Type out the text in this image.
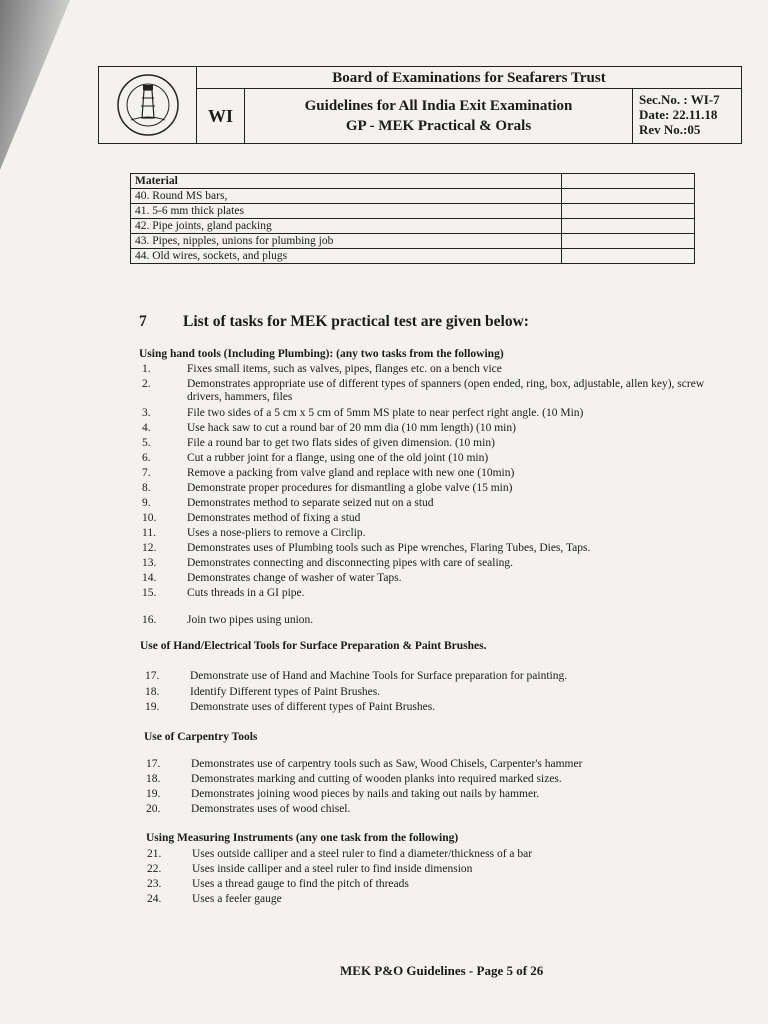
Board of Examinations for Seafarers Trust
WI	Guidelines for All India Exit Examination
GP - MEK Practical & Orals
Sec.No. : WI-7
Date: 22.11.18
Rev No.:05
Material	
40. Round MS bars,	
41. 5-6 mm thick plates	
42. Pipe joints, gland packing	
43. Pipes, nipples, unions for plumbing job	
44. Old wires, sockets, and plugs	
7 List of tasks for MEK practical test are given below:
Using hand tools (Including Plumbing): (any two tasks from the following)
1.	Fixes small items, such as valves, pipes, flanges etc. on a bench vice
2.	Demonstrates appropriate use of different types of spanners (open ended, ring, box, adjustable, allen key), screw drivers, hammers, files
3.	File two sides of a 5 cm x 5 cm of 5mm MS plate to near perfect right angle. (10 Min)
4.	Use hack saw to cut a round bar of 20 mm dia (10 mm length) (10 min)
5.	File a round bar to get two flats sides of given dimension. (10 min)
6.	Cut a rubber joint for a flange, using one of the old joint (10 min)
7.	Remove a packing from valve gland and replace with new one (10min)
8.	Demonstrate proper procedures for dismantling a globe valve (15 min)
9.	Demonstrates method to separate seized nut on a stud
10.	Demonstrates method of fixing a stud
11.	Uses a nose-pliers to remove a Circlip.
12.	Demonstrates uses of Plumbing tools such as Pipe wrenches, Flaring Tubes, Dies, Taps.
13.	Demonstrates connecting and disconnecting pipes with care of sealing.
14.	Demonstrates change of washer of water Taps.
15.	Cuts threads in a GI pipe.
16.	Join two pipes using union.
Use of Hand/Electrical Tools for Surface Preparation & Paint Brushes.
17.	Demonstrate use of Hand and Machine Tools for Surface preparation for painting.
18.	Identify Different types of Paint Brushes.
19.	Demonstrate uses of different types of Paint Brushes.
Use of Carpentry Tools
17.	Demonstrates use of carpentry tools such as Saw, Wood Chisels, Carpenter's hammer
18.	Demonstrates marking and cutting of wooden planks into required marked sizes.
19.	Demonstrates joining wood pieces by nails and taking out nails by hammer.
20.	Demonstrates uses of wood chisel.
Using Measuring Instruments (any one task from the following)
21.	Uses outside calliper and a steel ruler to find a diameter/thickness of a bar
22.	Uses inside calliper and a steel ruler to find inside dimension
23.	Uses a thread gauge to find the pitch of threads
24.	Uses a feeler gauge
MEK P&O Guidelines - Page 5 of 26
